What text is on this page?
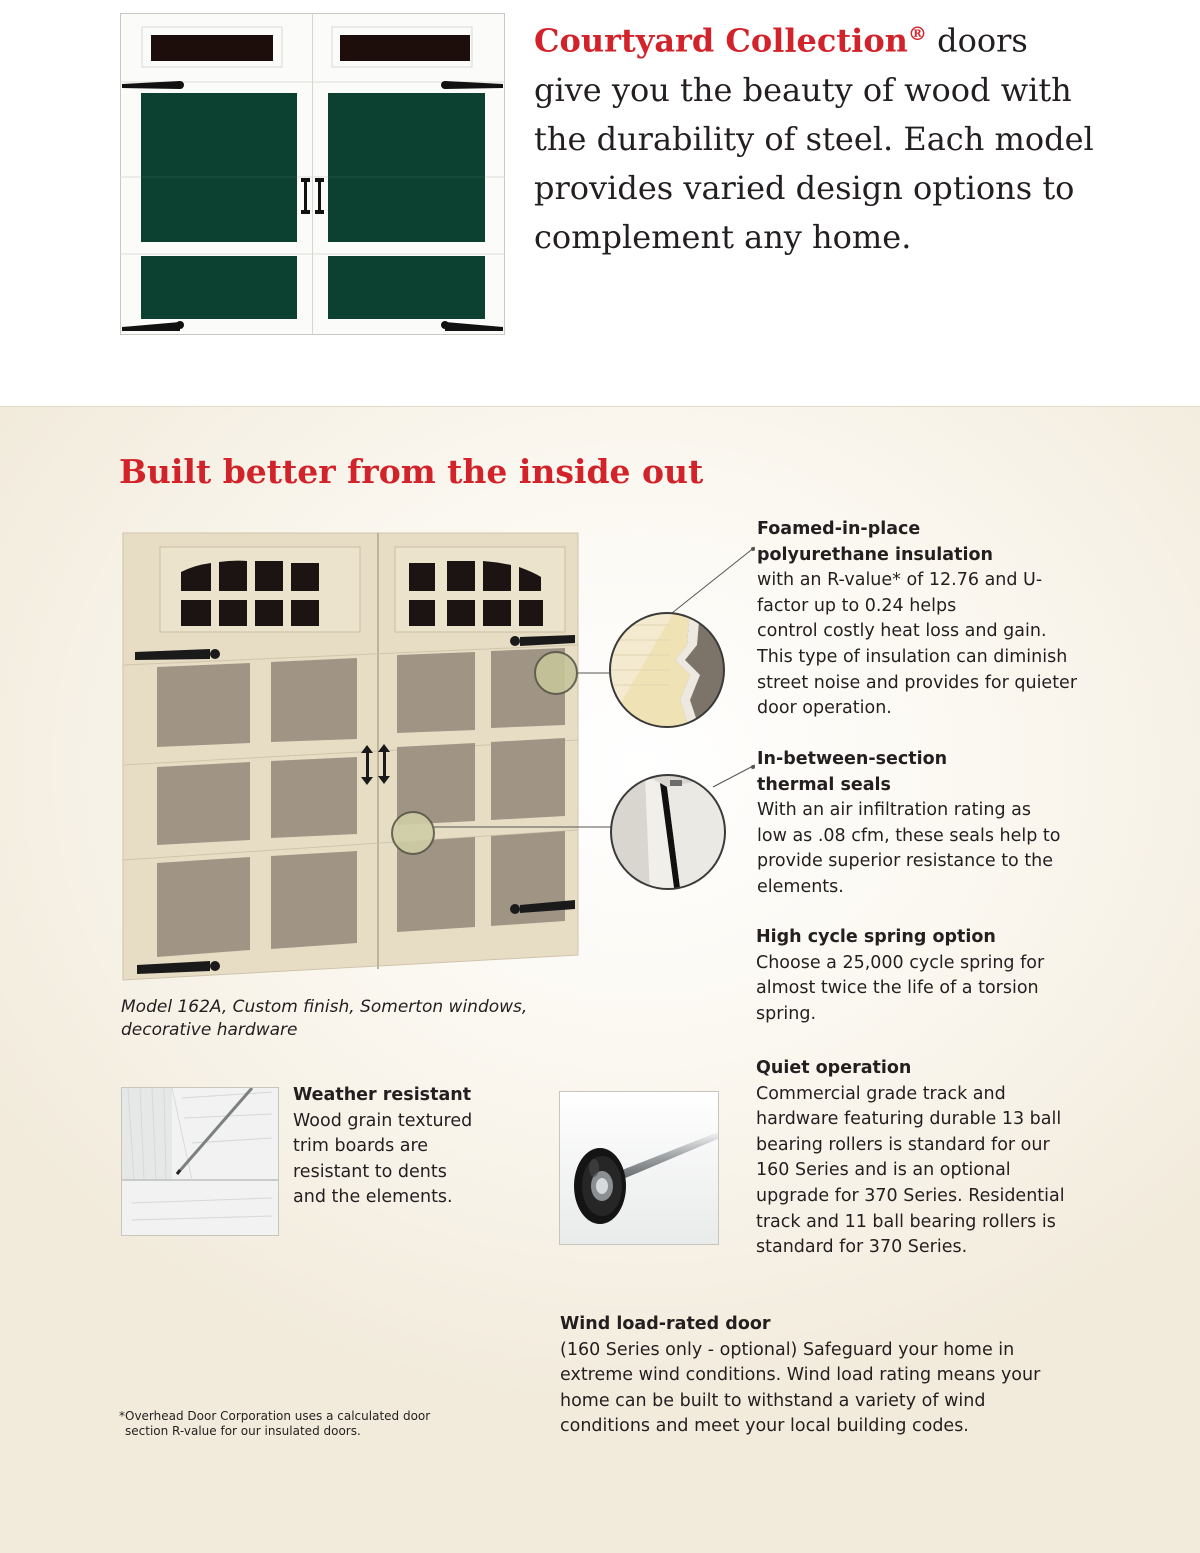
Courtyard Collection® doors
give you the beauty of wood with
the durability of steel. Each model
provides varied design options to
complement any home.
Built better from the inside out
Model 162A, Custom finish, Somerton windows,
decorative hardware
Foamed-in-place
polyurethane insulation
with an R-value* of 12.76 and U-
factor up to 0.24 helps
control costly heat loss and gain.
This type of insulation can diminish
street noise and provides for quieter
door operation.
In-between-section
thermal seals
With an air infiltration rating as
low as .08 cfm, these seals help to
provide superior resistance to the
elements.
High cycle spring option
Choose a 25,000 cycle spring for
almost twice the life of a torsion
spring.
Quiet operation
Commercial grade track and
hardware featuring durable 13 ball
bearing rollers is standard for our
160 Series and is an optional
upgrade for 370 Series. Residential
track and 11 ball bearing rollers is
standard for 370 Series.
Weather resistant
Wood grain textured
trim boards are
resistant to dents
and the elements.
Wind load-rated door
(160 Series only - optional) Safeguard your home in
extreme wind conditions. Wind load rating means your
home can be built to withstand a variety of wind
conditions and meet your local building codes.
*Overhead Door Corporation uses a calculated door
section R-value for our insulated doors.
